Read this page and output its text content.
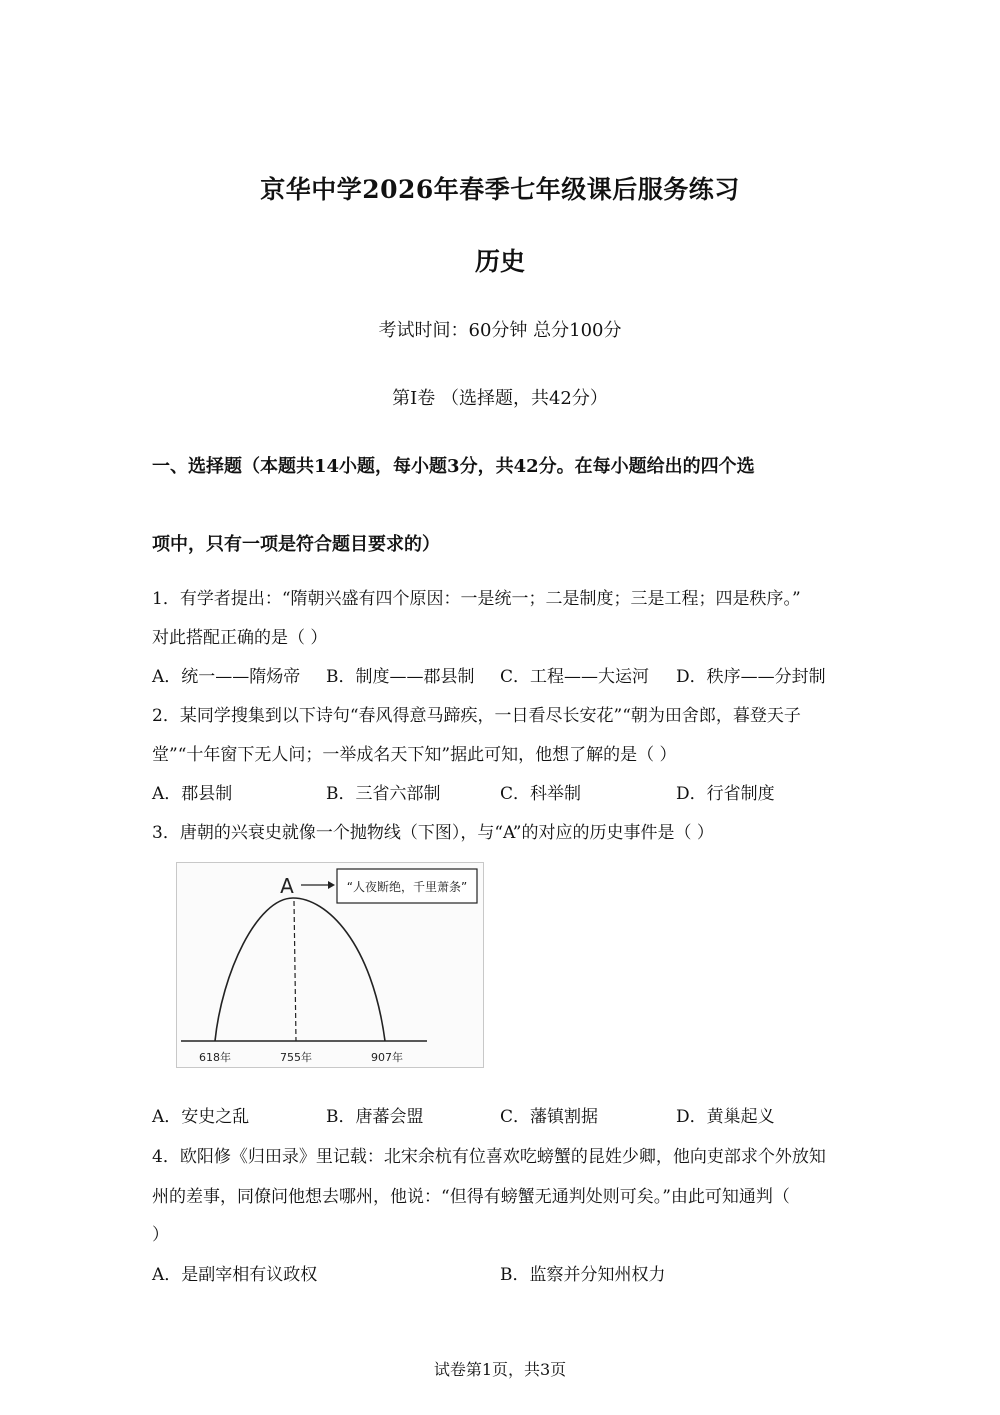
京华中学2026年春季七年级课后服务练习
历史
考试时间：60分钟 总分100分
第Ⅰ卷 （选择题，共42分）
一、选择题（本题共14小题，每小题3分，共42分。在每小题给出的四个选
项中，只有一项是符合题目要求的）
1．有学者提出：“隋朝兴盛有四个原因：一是统一；二是制度；三是工程；四是秩序。”
对此搭配正确的是（ ）
A．统一——隋炀帝 B．制度——郡县制 C．工程——大运河 D．秩序——分封制
2．某同学搜集到以下诗句“春风得意马蹄疾，一日看尽长安花”“朝为田舍郎，暮登天子
堂”“十年窗下无人问；一举成名天下知”据此可知，他想了解的是（ ）
A．郡县制	B．三省六部制	C．科举制	D．行省制度
3．唐朝的兴衰史就像一个抛物线（下图），与“A”的对应的历史事件是（ ）
“人夜断绝，千里萧条”
A
618年	755年	907年
A．安史之乱	B．唐蕃会盟	C．藩镇割据	D．黄巢起义
4．欧阳修《归田录》里记载：北宋余杭有位喜欢吃螃蟹的昆姓少卿，他向吏部求个外放知
州的差事，同僚问他想去哪州，他说：“但得有螃蟹无通判处则可矣。”由此可知通判（
）
A．是副宰相有议政权	B．监察并分知州权力
试卷第1页，共3页
